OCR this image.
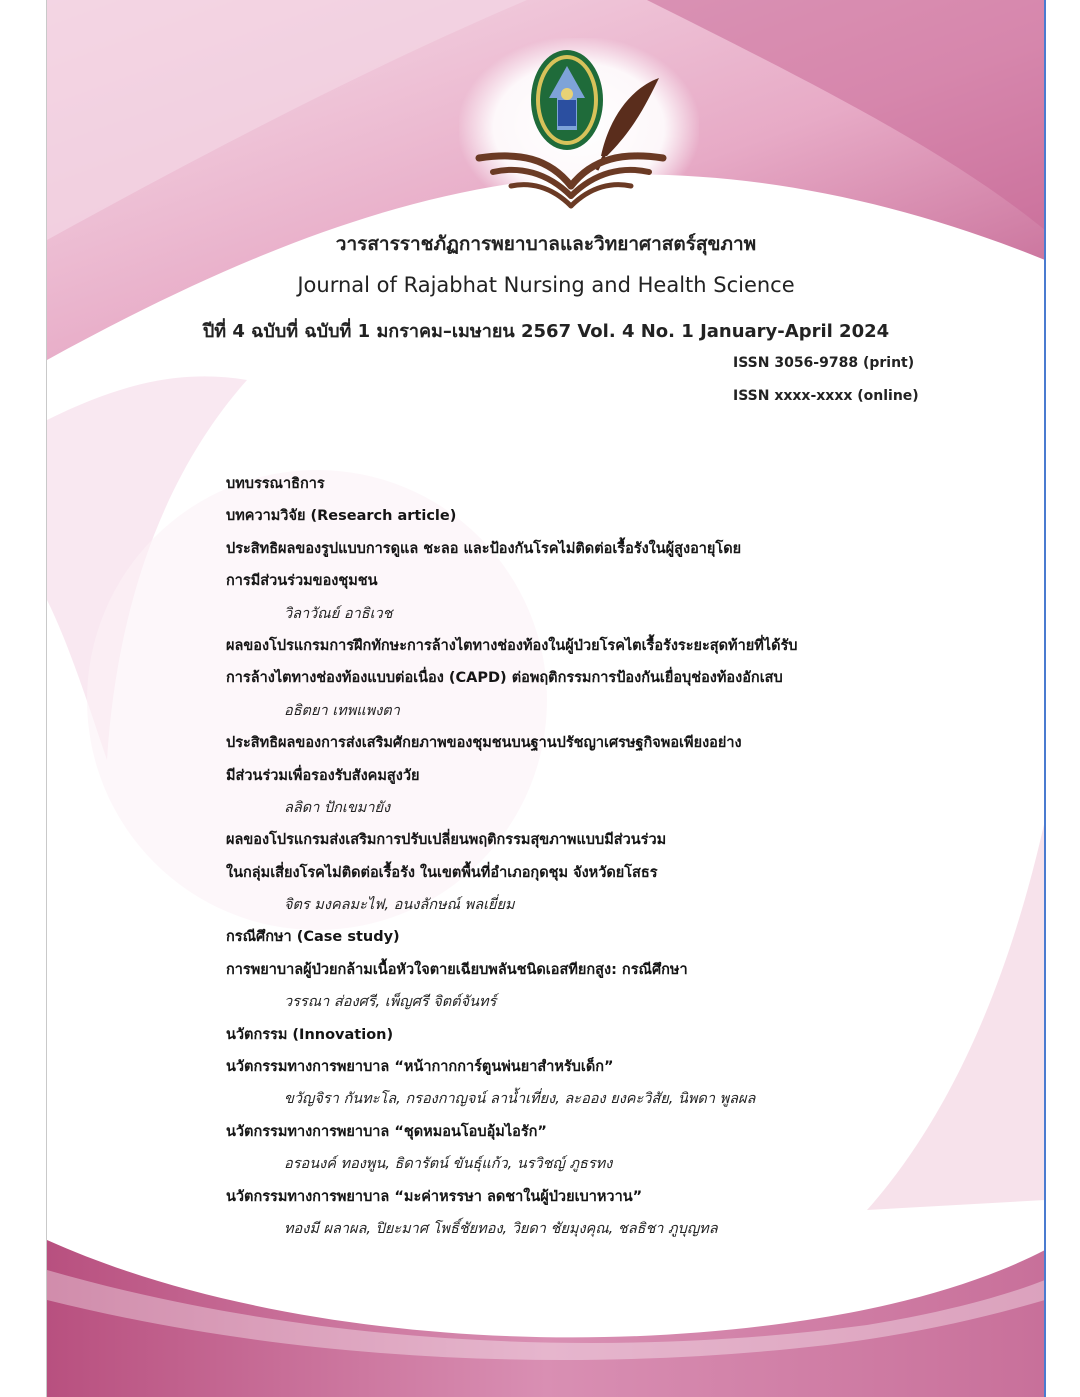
วารสารราชภัฏการพยาบาลและวิทยาศาสตร์สุขภาพ
Journal of Rajabhat Nursing and Health Science
ปีที่ 4 ฉบับที่ ฉบับที่ 1 มกราคม–เมษายน 2567 Vol. 4 No. 1 January-April 2024
ISSN 3056-9788 (print)
ISSN xxxx-xxxx (online)
บทบรรณาธิการ
บทความวิจัย (Research article)
ประสิทธิผลของรูปแบบการดูแล ชะลอ และป้องกันโรคไม่ติดต่อเรื้อรังในผู้สูงอายุโดย
การมีส่วนร่วมของชุมชน
วิลาวัณย์ อาธิเวช
ผลของโปรแกรมการฝึกทักษะการล้างไตทางช่องท้องในผู้ป่วยโรคไตเรื้อรังระยะสุดท้ายที่ได้รับ
การล้างไตทางช่องท้องแบบต่อเนื่อง (CAPD) ต่อพฤติกรรมการป้องกันเยื่อบุช่องท้องอักเสบ
อธิตยา เทพแพงตา
ประสิทธิผลของการส่งเสริมศักยภาพของชุมชนบนฐานปรัชญาเศรษฐกิจพอเพียงอย่าง
มีส่วนร่วมเพื่อรองรับสังคมสูงวัย
ลลิดา ปักเขมายัง
ผลของโปรแกรมส่งเสริมการปรับเปลี่ยนพฤติกรรมสุขภาพแบบมีส่วนร่วม
ในกลุ่มเสี่ยงโรคไม่ติดต่อเรื้อรัง ในเขตพื้นที่อำเภอกุดชุม จังหวัดยโสธร
จิตร มงคลมะไฟ, อนงลักษณ์ พลเยี่ยม
กรณีศึกษา (Case study)
การพยาบาลผู้ป่วยกล้ามเนื้อหัวใจตายเฉียบพลันชนิดเอสทียกสูง: กรณีศึกษา
วรรณา ส่องศรี, เพ็ญศรี จิตต์จันทร์
นวัตกรรม (Innovation)
นวัตกรรมทางการพยาบาล “หน้ากากการ์ตูนพ่นยาสำหรับเด็ก”
ขวัญจิรา กันทะโล, กรองกาญจน์ ลาน้ำเที่ยง, ละออง ยงคะวิสัย, นิพดา พูลผล
นวัตกรรมทางการพยาบาล “ชุดหมอนโอบอุ้มไอรัก”
อรอนงค์ ทองพูน, ธิดารัตน์ ขันธุ์แก้ว, นรวิชญ์ ภูธรทง
นวัตกรรมทางการพยาบาล “มะค่าหรรษา ลดชาในผู้ป่วยเบาหวาน”
ทองมี ผลาผล, ปิยะมาศ โพธิ์ชัยทอง, วิยดา ชัยมุงคุณ, ชลธิชา ภูบุญทล
